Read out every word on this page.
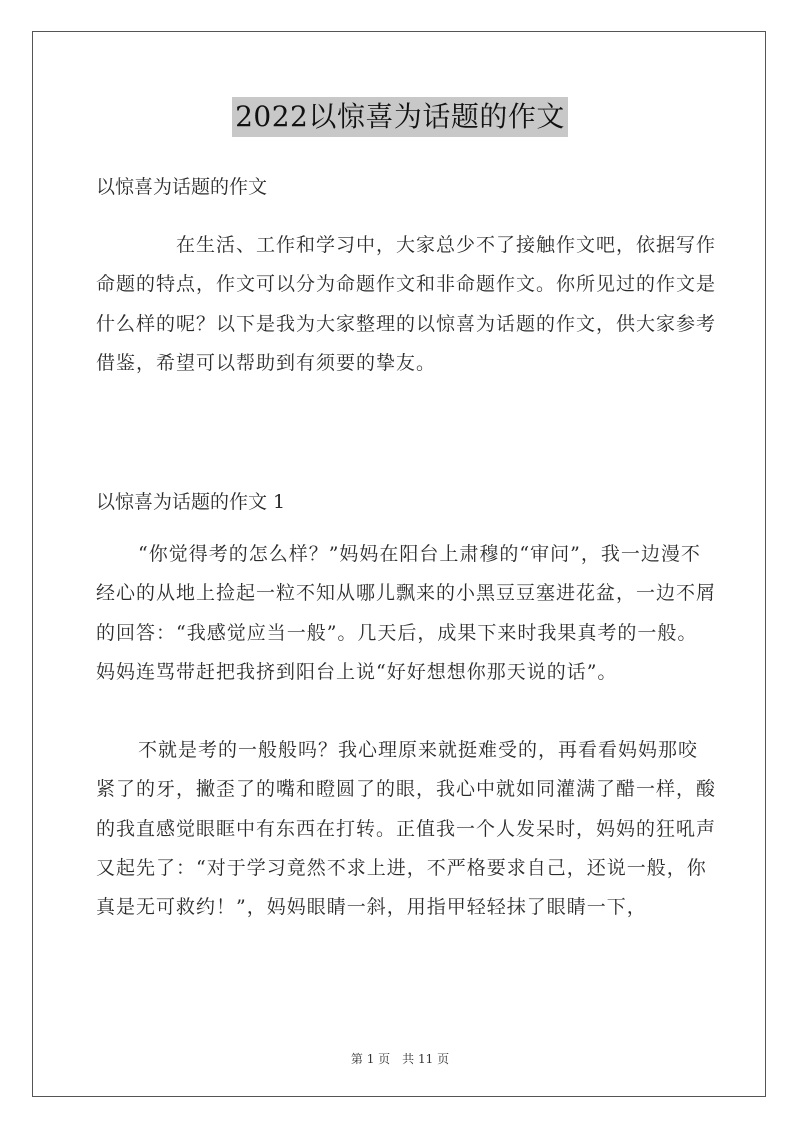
2022以惊喜为话题的作文
以惊喜为话题的作文
在生活、工作和学习中，大家总少不了接触作文吧，依据写作命题的特点，作文可以分为命题作文和非命题作文。你所见过的作文是什么样的呢？以下是我为大家整理的以惊喜为话题的作文，供大家参考借鉴，希望可以帮助到有须要的挚友。
以惊喜为话题的作文 1
“你觉得考的怎么样？”妈妈在阳台上肃穆的“审问”，我一边漫不经心的从地上捡起一粒不知从哪儿飘来的小黑豆豆塞进花盆，一边不屑的回答：“我感觉应当一般”。几天后，成果下来时我果真考的一般。妈妈连骂带赶把我挤到阳台上说“好好想想你那天说的话”。
不就是考的一般般吗？我心理原来就挺难受的，再看看妈妈那咬紧了的牙，撇歪了的嘴和瞪圆了的眼，我心中就如同灌满了醋一样，酸的我直感觉眼眶中有东西在打转。正值我一个人发呆时，妈妈的狂吼声又起先了：“对于学习竟然不求上进，不严格要求自己，还说一般，你真是无可救约！”，妈妈眼睛一斜，用指甲轻轻抹了眼睛一下，
第 1 页　共 11 页
